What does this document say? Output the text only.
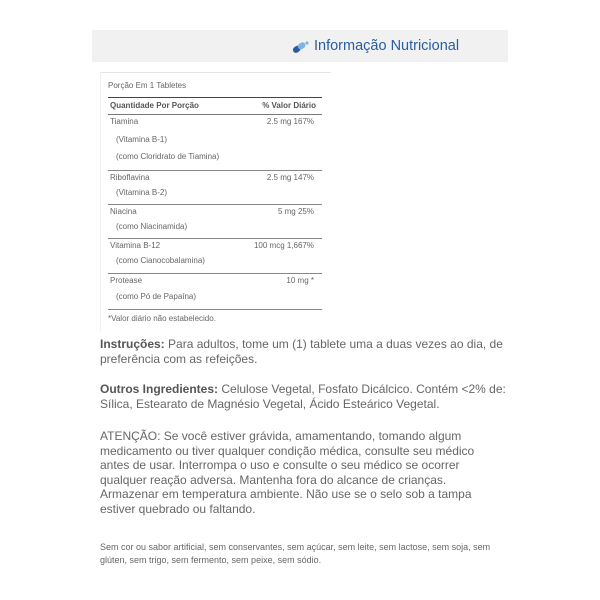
Informação Nutricional
Porção Em 1 Tabletes
Quantidade Por Porção	% Valor Diário
Tiamina	2.5 mg 167%
(Vitamina B-1)
(como Cloridrato de Tiamina)
Riboflavina	2.5 mg 147%
(Vitamina B-2)
Niacina	5 mg 25%
(como Niacinamida)
Vitamina B-12	100 mcg 1,667%
(como Cianocobalamina)
Protease	10 mg *
(como Pó de Papaína)
*Valor diário não estabelecido.
Instruções: Para adultos, tome um (1) tablete uma a duas vezes ao dia, de preferência com as refeições.
Outros Ingredientes: Celulose Vegetal, Fosfato Dicálcico. Contém <2% de: Sílica, Estearato de Magnésio Vegetal, Ácido Esteárico Vegetal.
ATENÇÃO: Se você estiver grávida, amamentando, tomando algum medicamento ou tiver qualquer condição médica, consulte seu médico antes de usar. Interrompa o uso e consulte o seu médico se ocorrer qualquer reação adversa. Mantenha fora do alcance de crianças. Armazenar em temperatura ambiente. Não use se o selo sob a tampa estiver quebrado ou faltando.
Sem cor ou sabor artificial, sem conservantes, sem açúcar, sem leite, sem lactose, sem soja, sem glúten, sem trigo, sem fermento, sem peixe, sem sódio.
